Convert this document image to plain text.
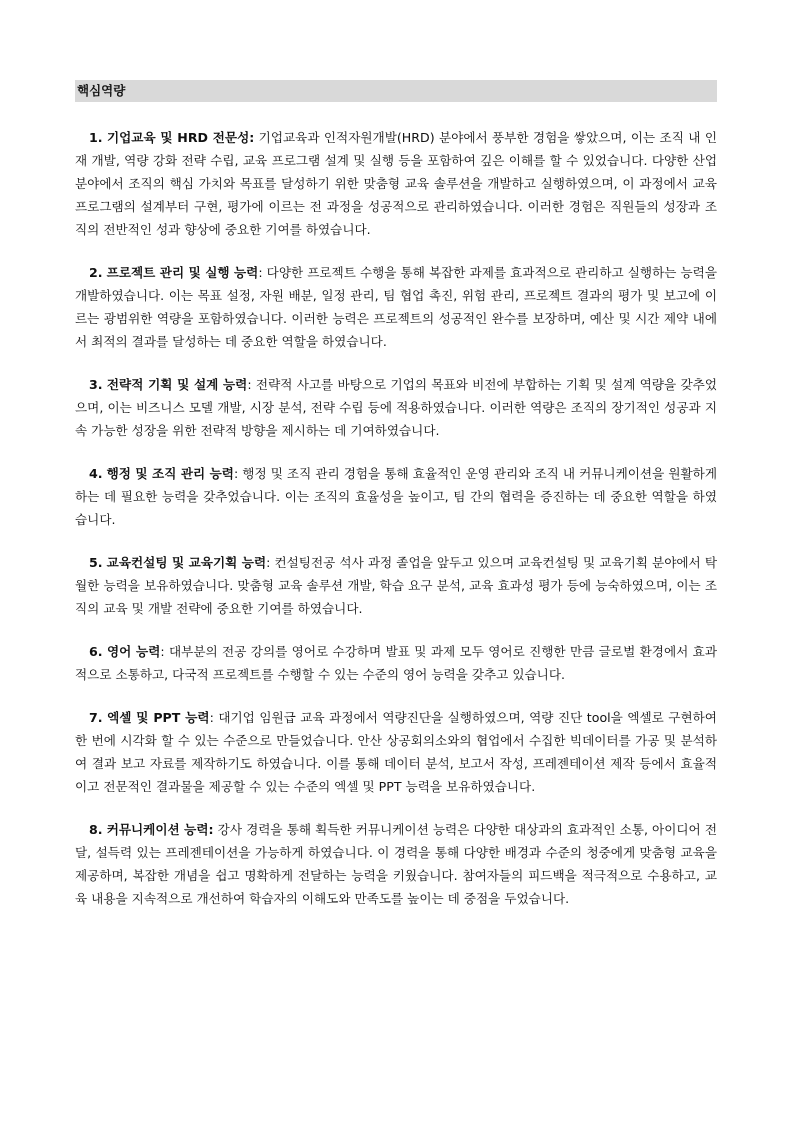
핵심역량

1. 기업교육 및 HRD 전문성: 기업교육과 인적자원개발(HRD) 분야에서 풍부한 경험을 쌓았으며, 이는 조직 내 인재 개발, 역량 강화 전략 수립, 교육 프로그램 설계 및 실행 등을 포함하여 깊은 이해를 할 수 있었습니다. 다양한 산업 분야에서 조직의 핵심 가치와 목표를 달성하기 위한 맞춤형 교육 솔루션을 개발하고 실행하였으며, 이 과정에서 교육 프로그램의 설계부터 구현, 평가에 이르는 전 과정을 성공적으로 관리하였습니다. 이러한 경험은 직원들의 성장과 조직의 전반적인 성과 향상에 중요한 기여를 하였습니다.

2. 프로젝트 관리 및 실행 능력: 다양한 프로젝트 수행을 통해 복잡한 과제를 효과적으로 관리하고 실행하는 능력을 개발하였습니다. 이는 목표 설정, 자원 배분, 일정 관리, 팀 협업 촉진, 위험 관리, 프로젝트 결과의 평가 및 보고에 이르는 광범위한 역량을 포함하였습니다. 이러한 능력은 프로젝트의 성공적인 완수를 보장하며, 예산 및 시간 제약 내에서 최적의 결과를 달성하는 데 중요한 역할을 하였습니다.

3. 전략적 기획 및 설계 능력: 전략적 사고를 바탕으로 기업의 목표와 비전에 부합하는 기획 및 설계 역량을 갖추었으며, 이는 비즈니스 모델 개발, 시장 분석, 전략 수립 등에 적용하였습니다. 이러한 역량은 조직의 장기적인 성공과 지속 가능한 성장을 위한 전략적 방향을 제시하는 데 기여하였습니다.

4. 행정 및 조직 관리 능력: 행정 및 조직 관리 경험을 통해 효율적인 운영 관리와 조직 내 커뮤니케이션을 원활하게 하는 데 필요한 능력을 갖추었습니다. 이는 조직의 효율성을 높이고, 팀 간의 협력을 증진하는 데 중요한 역할을 하였습니다.

5. 교육컨설팅 및 교육기획 능력: 컨설팅전공 석사 과정 졸업을 앞두고 있으며 교육컨설팅 및 교육기획 분야에서 탁월한 능력을 보유하였습니다. 맞춤형 교육 솔루션 개발, 학습 요구 분석, 교육 효과성 평가 등에 능숙하였으며, 이는 조직의 교육 및 개발 전략에 중요한 기여를 하였습니다.

6. 영어 능력: 대부분의 전공 강의를 영어로 수강하며 발표 및 과제 모두 영어로 진행한 만큼 글로벌 환경에서 효과적으로 소통하고, 다국적 프로젝트를 수행할 수 있는 수준의 영어 능력을 갖추고 있습니다.

7. 엑셀 및 PPT 능력: 대기업 임원급 교육 과정에서 역량진단을 실행하였으며, 역량 진단 tool을 엑셀로 구현하여 한 번에 시각화 할 수 있는 수준으로 만들었습니다. 안산 상공회의소와의 협업에서 수집한 빅데이터를 가공 및 분석하여 결과 보고 자료를 제작하기도 하였습니다. 이를 통해 데이터 분석, 보고서 작성, 프레젠테이션 제작 등에서 효율적이고 전문적인 결과물을 제공할 수 있는 수준의 엑셀 및 PPT 능력을 보유하였습니다.

8. 커뮤니케이션 능력: 강사 경력을 통해 획득한 커뮤니케이션 능력은 다양한 대상과의 효과적인 소통, 아이디어 전달, 설득력 있는 프레젠테이션을 가능하게 하였습니다. 이 경력을 통해 다양한 배경과 수준의 청중에게 맞춤형 교육을 제공하며, 복잡한 개념을 쉽고 명확하게 전달하는 능력을 키웠습니다. 참여자들의 피드백을 적극적으로 수용하고, 교육 내용을 지속적으로 개선하여 학습자의 이해도와 만족도를 높이는 데 중점을 두었습니다.
